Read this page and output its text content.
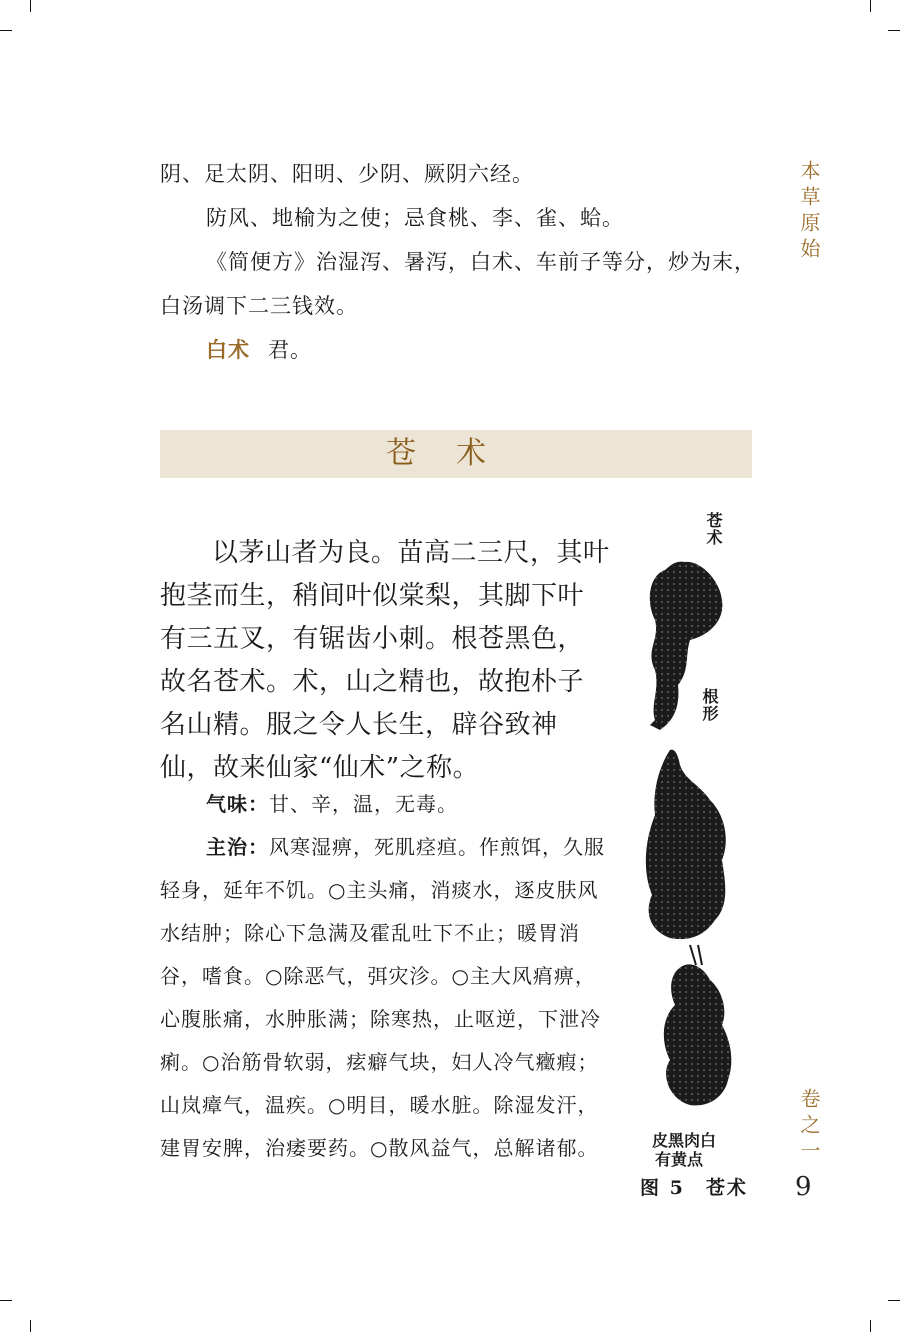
阴、足太阴、阳明、少阴、厥阴六经。

防风、地榆为之使；忌食桃、李、雀、蛤。

《简便方》治湿泻、暑泻，白术、车前子等分，炒为末，白汤调下二三钱效。

白术 君。

苍术

以茅山者为良。苗高二三尺，其叶抱茎而生，稍间叶似棠梨，其脚下叶有三五叉，有锯齿小刺。根苍黑色，故名苍术。术，山之精也，故抱朴子名山精。服之令人长生，辟谷致神仙，故来仙家“仙术”之称。

气味：甘、辛，温，无毒。

主治：风寒湿痹，死肌痉疸。作煎饵，久服轻身，延年不饥。○主头痛，消痰水，逐皮肤风水结肿；除心下急满及霍乱吐下不止；暖胃消谷，嗜食。○除恶气，弭灾沴。○主大风㾓痹，心腹胀痛，水肿胀满；除寒热，止呕逆，下泄冷痢。○治筋骨软弱，痃癖气块，妇人冷气癥瘕；山岚瘴气，温疾。○明目，暖水脏。除湿发汗，建胃安脾，治痿要药。○散风益气，总解诸郁。

苍术
根形
皮黑肉白
有黄点
图 5　苍术
本草原始
卷之一
9
